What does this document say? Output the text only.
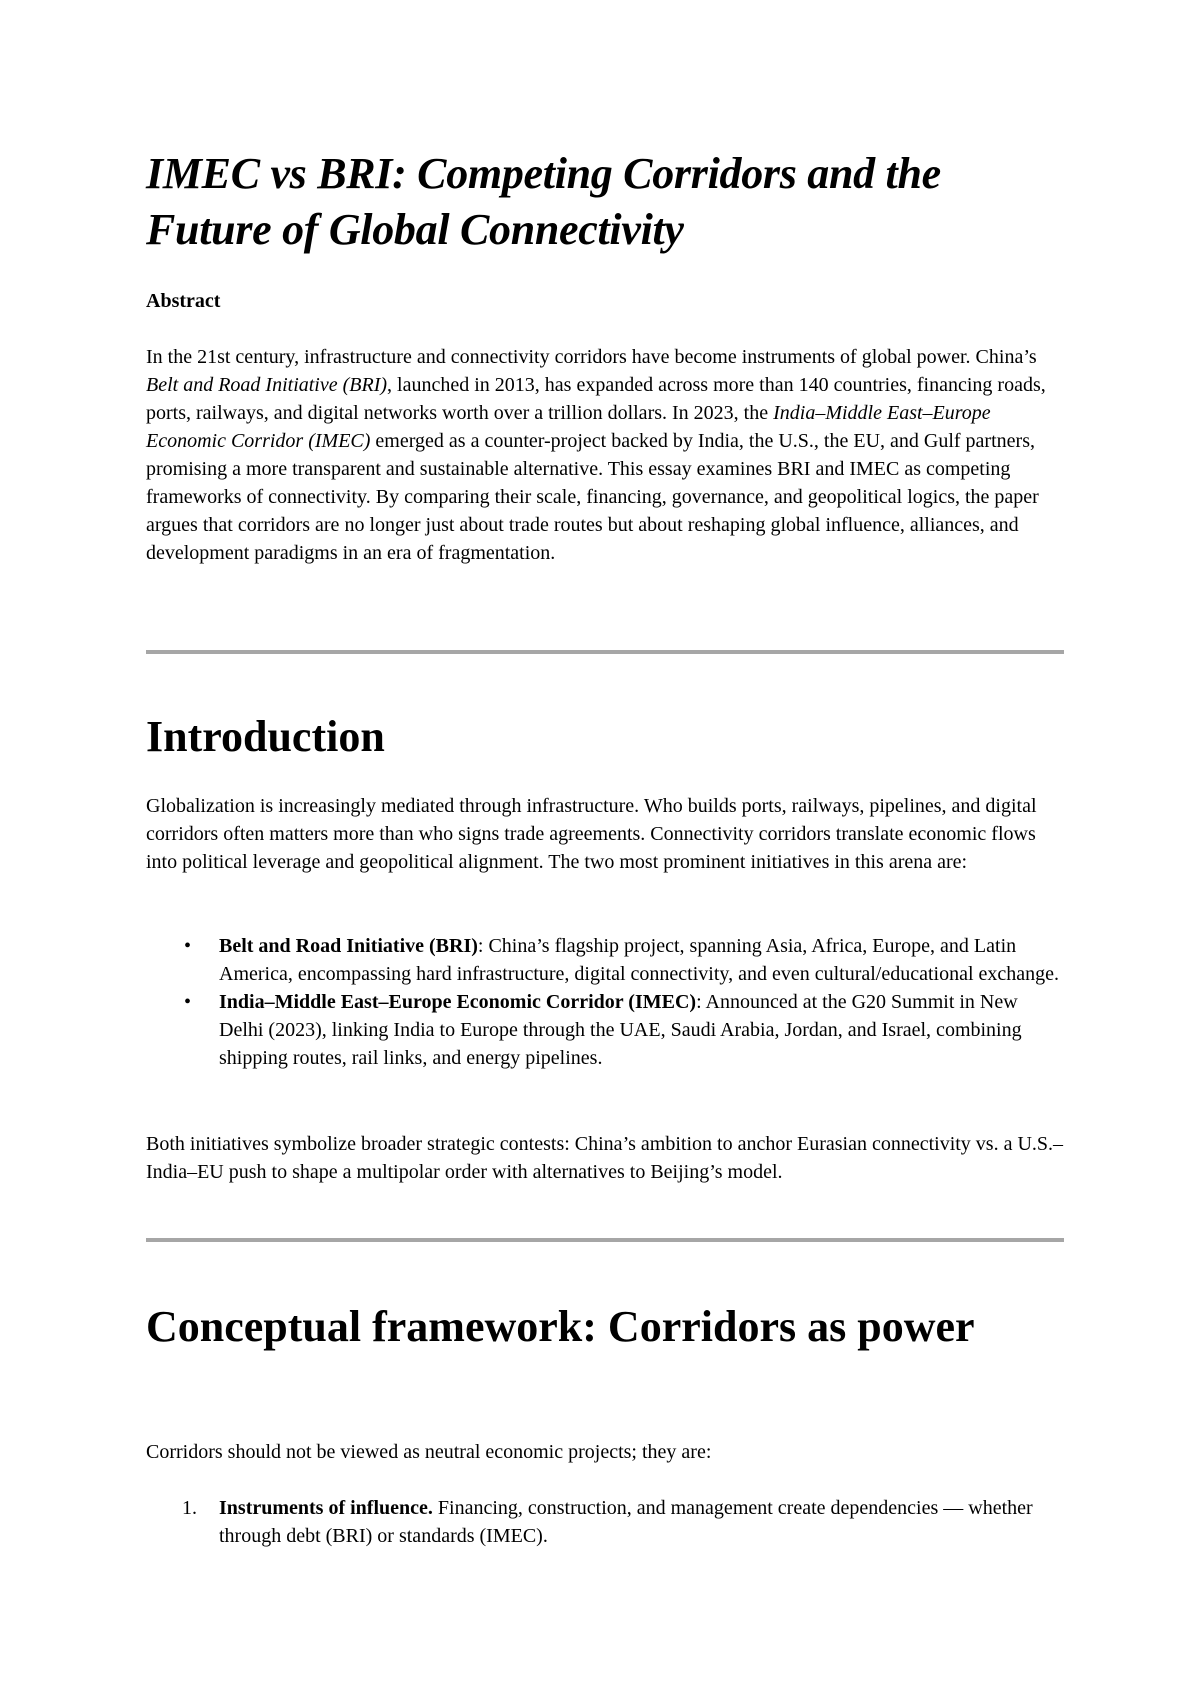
IMEC vs BRI: Competing Corridors and the Future of Global Connectivity
Abstract

In the 21st century, infrastructure and connectivity corridors have become instruments of global power. China’s Belt and Road Initiative (BRI), launched in 2013, has expanded across more than 140 countries, financing roads, ports, railways, and digital networks worth over a trillion dollars. In 2023, the India–Middle East–Europe Economic Corridor (IMEC) emerged as a counter-project backed by India, the U.S., the EU, and Gulf partners, promising a more transparent and sustainable alternative. This essay examines BRI and IMEC as competing frameworks of connectivity. By comparing their scale, financing, governance, and geopolitical logics, the paper argues that corridors are no longer just about trade routes but about reshaping global influence, alliances, and development paradigms in an era of fragmentation.

Introduction

Globalization is increasingly mediated through infrastructure. Who builds ports, railways, pipelines, and digital corridors often matters more than who signs trade agreements. Connectivity corridors translate economic flows into political leverage and geopolitical alignment. The two most prominent initiatives in this arena are:

• Belt and Road Initiative (BRI): China’s flagship project, spanning Asia, Africa, Europe, and Latin America, encompassing hard infrastructure, digital connectivity, and even cultural/educational exchange.
• India–Middle East–Europe Economic Corridor (IMEC): Announced at the G20 Summit in New Delhi (2023), linking India to Europe through the UAE, Saudi Arabia, Jordan, and Israel, combining shipping routes, rail links, and energy pipelines.

Both initiatives symbolize broader strategic contests: China’s ambition to anchor Eurasian connectivity vs. a U.S.–India–EU push to shape a multipolar order with alternatives to Beijing’s model.

Conceptual framework: Corridors as power

Corridors should not be viewed as neutral economic projects; they are:

1. Instruments of influence. Financing, construction, and management create dependencies — whether through debt (BRI) or standards (IMEC).
